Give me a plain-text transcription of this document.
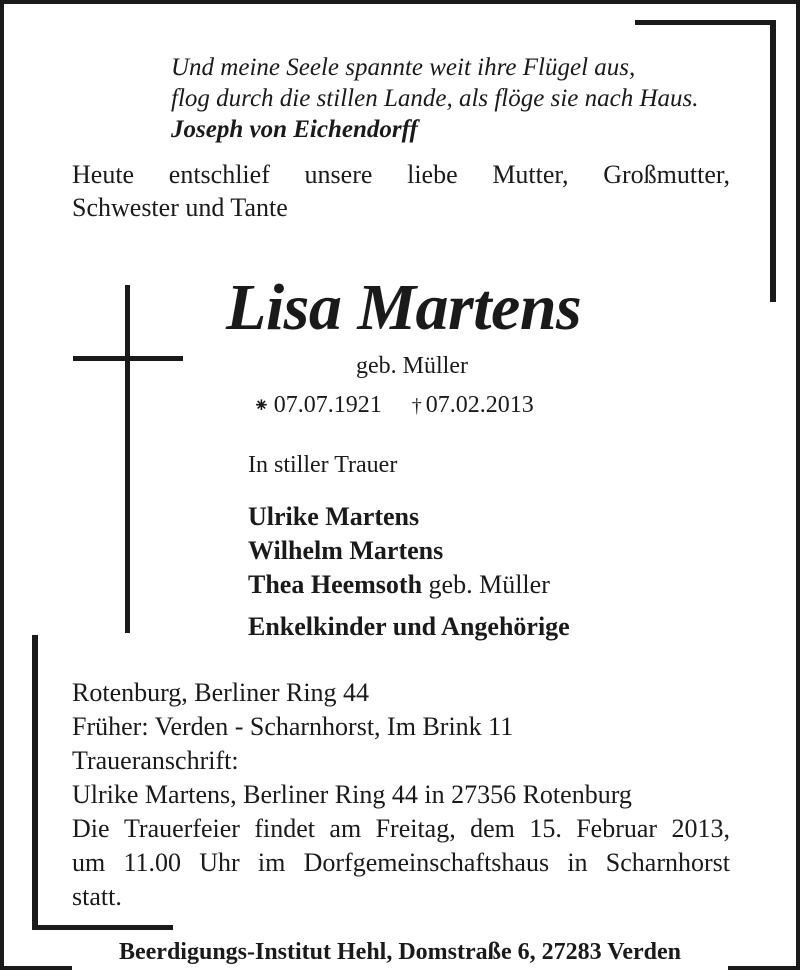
Und meine Seele spannte weit ihre Flügel aus,
flog durch die stillen Lande, als flöge sie nach Haus.
Joseph von Eichendorff
Heute entschlief unsere liebe Mutter, Großmutter,
Schwester und Tante
Lisa Martens
geb. Müller
⁕ 07.07.1921 † 07.02.2013
In stiller Trauer
Ulrike Martens
Wilhelm Martens
Thea Heemsoth geb. Müller
Enkelkinder und Angehörige
Rotenburg, Berliner Ring 44
Früher: Verden - Scharnhorst, Im Brink 11
Traueranschrift:
Ulrike Martens, Berliner Ring 44 in 27356 Rotenburg
Die Trauerfeier findet am Freitag, dem 15. Februar 2013,
um 11.00 Uhr im Dorfgemeinschaftshaus in Scharnhorst
statt.
Beerdigungs-Institut Hehl, Domstraße 6, 27283 Verden
